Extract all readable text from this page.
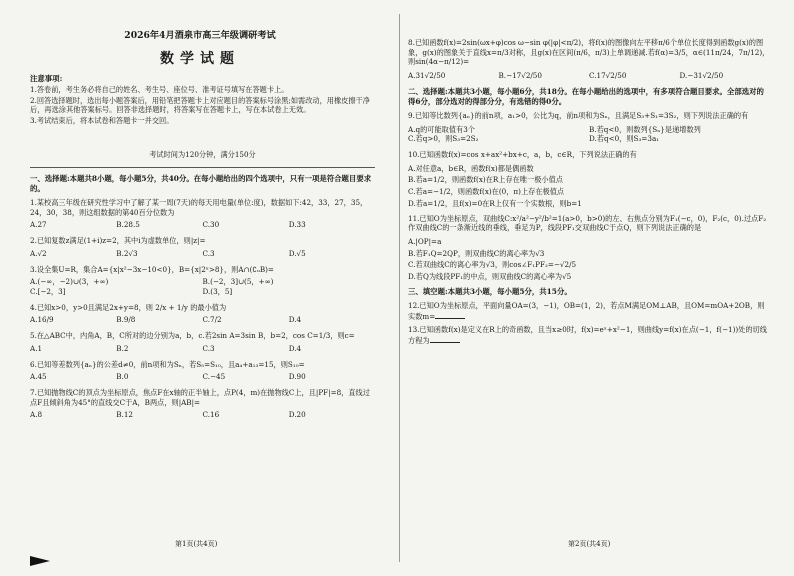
2026年4月酒泉市高三年级调研考试
数学试题
注意事项:

1.答卷前，考生务必将自己的姓名、考生号、座位号、准考证号填写在答题卡上。

2.回答选择题时，选出每小题答案后，用铅笔把答题卡上对应题目的答案标号涂黑;如需改动，用橡皮擦干净后，再选涂其他答案标号。回答非选择题时，将答案写在答题卡上，写在本试卷上无效。

3.考试结束后，将本试卷和答题卡一并交回。

考试时间为120分钟，满分150分

一、选择题:本题共8小题，每小题5分，共40分。在每小题给出的四个选项中，只有一项是符合题目要求的。

1.某校高三年级在研究性学习中了解了某一周(7天)的每天用电量(单位:度)，数据如下:42，33，27，35，24，30，38，则这组数据的第40百分位数为

A.27	B.28.5	C.30	D.33

2.已知复数z满足(1+i)z=2，其中i为虚数单位，则|z|=

A.√2	B.2√3	C.3	D.√5

3.设全集U=R，集合A={x|x²−3x−10<0}，B={x|2ˣ>8}，则A∩(∁ᵤB)=

A.(−∞，−2)∪(3，+∞)	B.(−2，3]∪(5，+∞)
C.[−2，3]	D.(3，5]

4.已知x>0，y>0且满足2x+y=8，则 2/x + 1/y 的最小值为

A.16/9	B.9/8	C.7/2	D.4

5.在△ABC中，内角A，B，C所对的边分别为a，b，c.若2sin A=3sin B，b=2，cos C=1/3，则c=

A.1	B.2	C.3	D.4

6.已知等差数列{aₙ}的公差d≠0，前n项和为Sₙ，若S₅=S₁₀，且a₄+a₁₃=15，则S₁₀=

A.45	B.0	C.−45	D.90

7.已知抛物线C的顶点为坐标原点，焦点F在x轴的正半轴上，点P(4，m)在抛物线C上，且|PF|=8，直线过点F且倾斜角为45°的直线交C于A，B两点，则|AB|=

A.8	B.12	C.16	D.20
第1页(共4页)

8.已知函数f(x)=2sin(ωx+φ)cos ω−sin φ(|φ|<π/2)，将f(x)的图像向左平移π/6个单位长度得到函数g(x)的图象，g(x)的图象关于直线x=π/3对称，且g(x)在区间(π/6，π/3)上单调递减.若f(α)=3/5，α∈(11π/24，7π/12)，则sin(4α−π/12)=

A.31√2/50	B.−17√2/50	C.17√2/50	D.−31√2/50

二、选择题:本题共3小题，每小题6分，共18分。在每小题给出的选项中，有多项符合题目要求。全部选对的得6分，部分选对的得部分分，有选错的得0分。

9.已知等比数列{aₙ}的前n项，a₁>0，公比为q，前n项和为Sₙ，且满足S₃+S₁=3S₂，则下列说法正确的有

A.q的可能取值有3个	B.若q<0，则数列{Sₙ}是递增数列
C.若q>0，则S₃=2S₂	D.若q<0，则S₃=3a₁

10.已知函数f(x)=cos x+ax²+bx+c，a，b，c∈R，下列说法正确的有

A.对任意a，b∈R，函数f(x)都是偶函数

B.若a=1/2，则函数f(x)在R上存在唯一极小值点

C.若a=−1/2，则函数f(x)在(0，π)上存在极值点

D.若a=1/2，且f(x)=0在R上仅有一个实数根，则b=1

11.已知O为坐标原点，双曲线C:x²/a²−y²/b²=1(a>0，b>0)的左、右焦点分别为F₁(−c，0)，F₂(c，0).过点F₂作双曲线C的一条渐近线的垂线，垂足为P，线段PF₁交双曲线C于点Q，则下列说法正确的是

A.|OP|=a

B.若F₁Q=2QP，则双曲线C的离心率为√3

C.若双曲线C的离心率为√3，则cos∠F₁PF₂=−√2/5

D.若Q为线段PF₁的中点，则双曲线C的离心率为√5

三、填空题:本题共3小题，每小题5分，共15分。

12.已知O为坐标原点，平面向量OA=(3，−1)，OB=(1，2)，若点M满足OM⊥AB，且OM=mOA+2OB，则实数m=

13.已知函数f(x)是定义在R上的奇函数，且当x≥0时，f(x)=eˣ+x²−1，则曲线y=f(x)在点(−1，f(−1))处的切线方程为

第2页(共4页)
